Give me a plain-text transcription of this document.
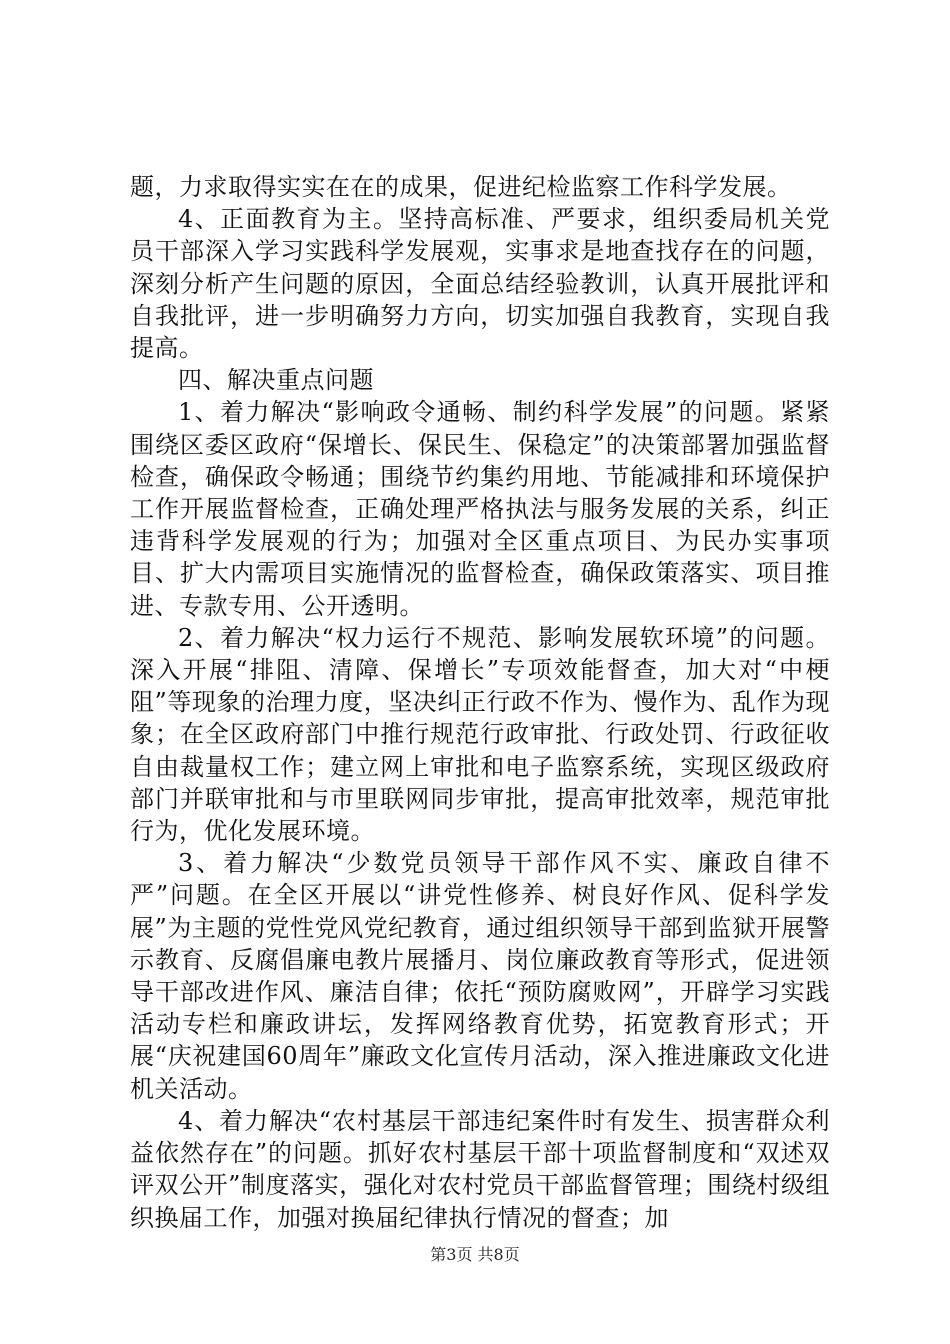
题，力求取得实实在在的成果，促进纪检监察工作科学发展。

4、正面教育为主。坚持高标准、严要求，组织委局机关党员干部深入学习实践科学发展观，实事求是地查找存在的问题，深刻分析产生问题的原因，全面总结经验教训，认真开展批评和自我批评，进一步明确努力方向，切实加强自我教育，实现自我提高。

四、解决重点问题

1、着力解决“影响政令通畅、制约科学发展”的问题。紧紧围绕区委区政府“保增长、保民生、保稳定”的决策部署加强监督检查，确保政令畅通；围绕节约集约用地、节能减排和环境保护工作开展监督检查，正确处理严格执法与服务发展的关系，纠正违背科学发展观的行为；加强对全区重点项目、为民办实事项目、扩大内需项目实施情况的监督检查，确保政策落实、项目推进、专款专用、公开透明。

2、着力解决“权力运行不规范、影响发展软环境”的问题。深入开展“排阻、清障、保增长”专项效能督查，加大对“中梗阻”等现象的治理力度，坚决纠正行政不作为、慢作为、乱作为现象；在全区政府部门中推行规范行政审批、行政处罚、行政征收自由裁量权工作；建立网上审批和电子监察系统，实现区级政府部门并联审批和与市里联网同步审批，提高审批效率，规范审批行为，优化发展环境。

3、着力解决“少数党员领导干部作风不实、廉政自律不严”问题。在全区开展以“讲党性修养、树良好作风、促科学发展”为主题的党性党风党纪教育，通过组织领导干部到监狱开展警示教育、反腐倡廉电教片展播月、岗位廉政教育等形式，促进领导干部改进作风、廉洁自律；依托“预防腐败网”，开辟学习实践活动专栏和廉政讲坛，发挥网络教育优势，拓宽教育形式；开展“庆祝建国60周年”廉政文化宣传月活动，深入推进廉政文化进机关活动。

4、着力解决“农村基层干部违纪案件时有发生、损害群众利益依然存在”的问题。抓好农村基层干部十项监督制度和“双述双评双公开”制度落实，强化对农村党员干部监督管理；围绕村级组织换届工作，加强对换届纪律执行情况的督查；加

第3页 共8页
